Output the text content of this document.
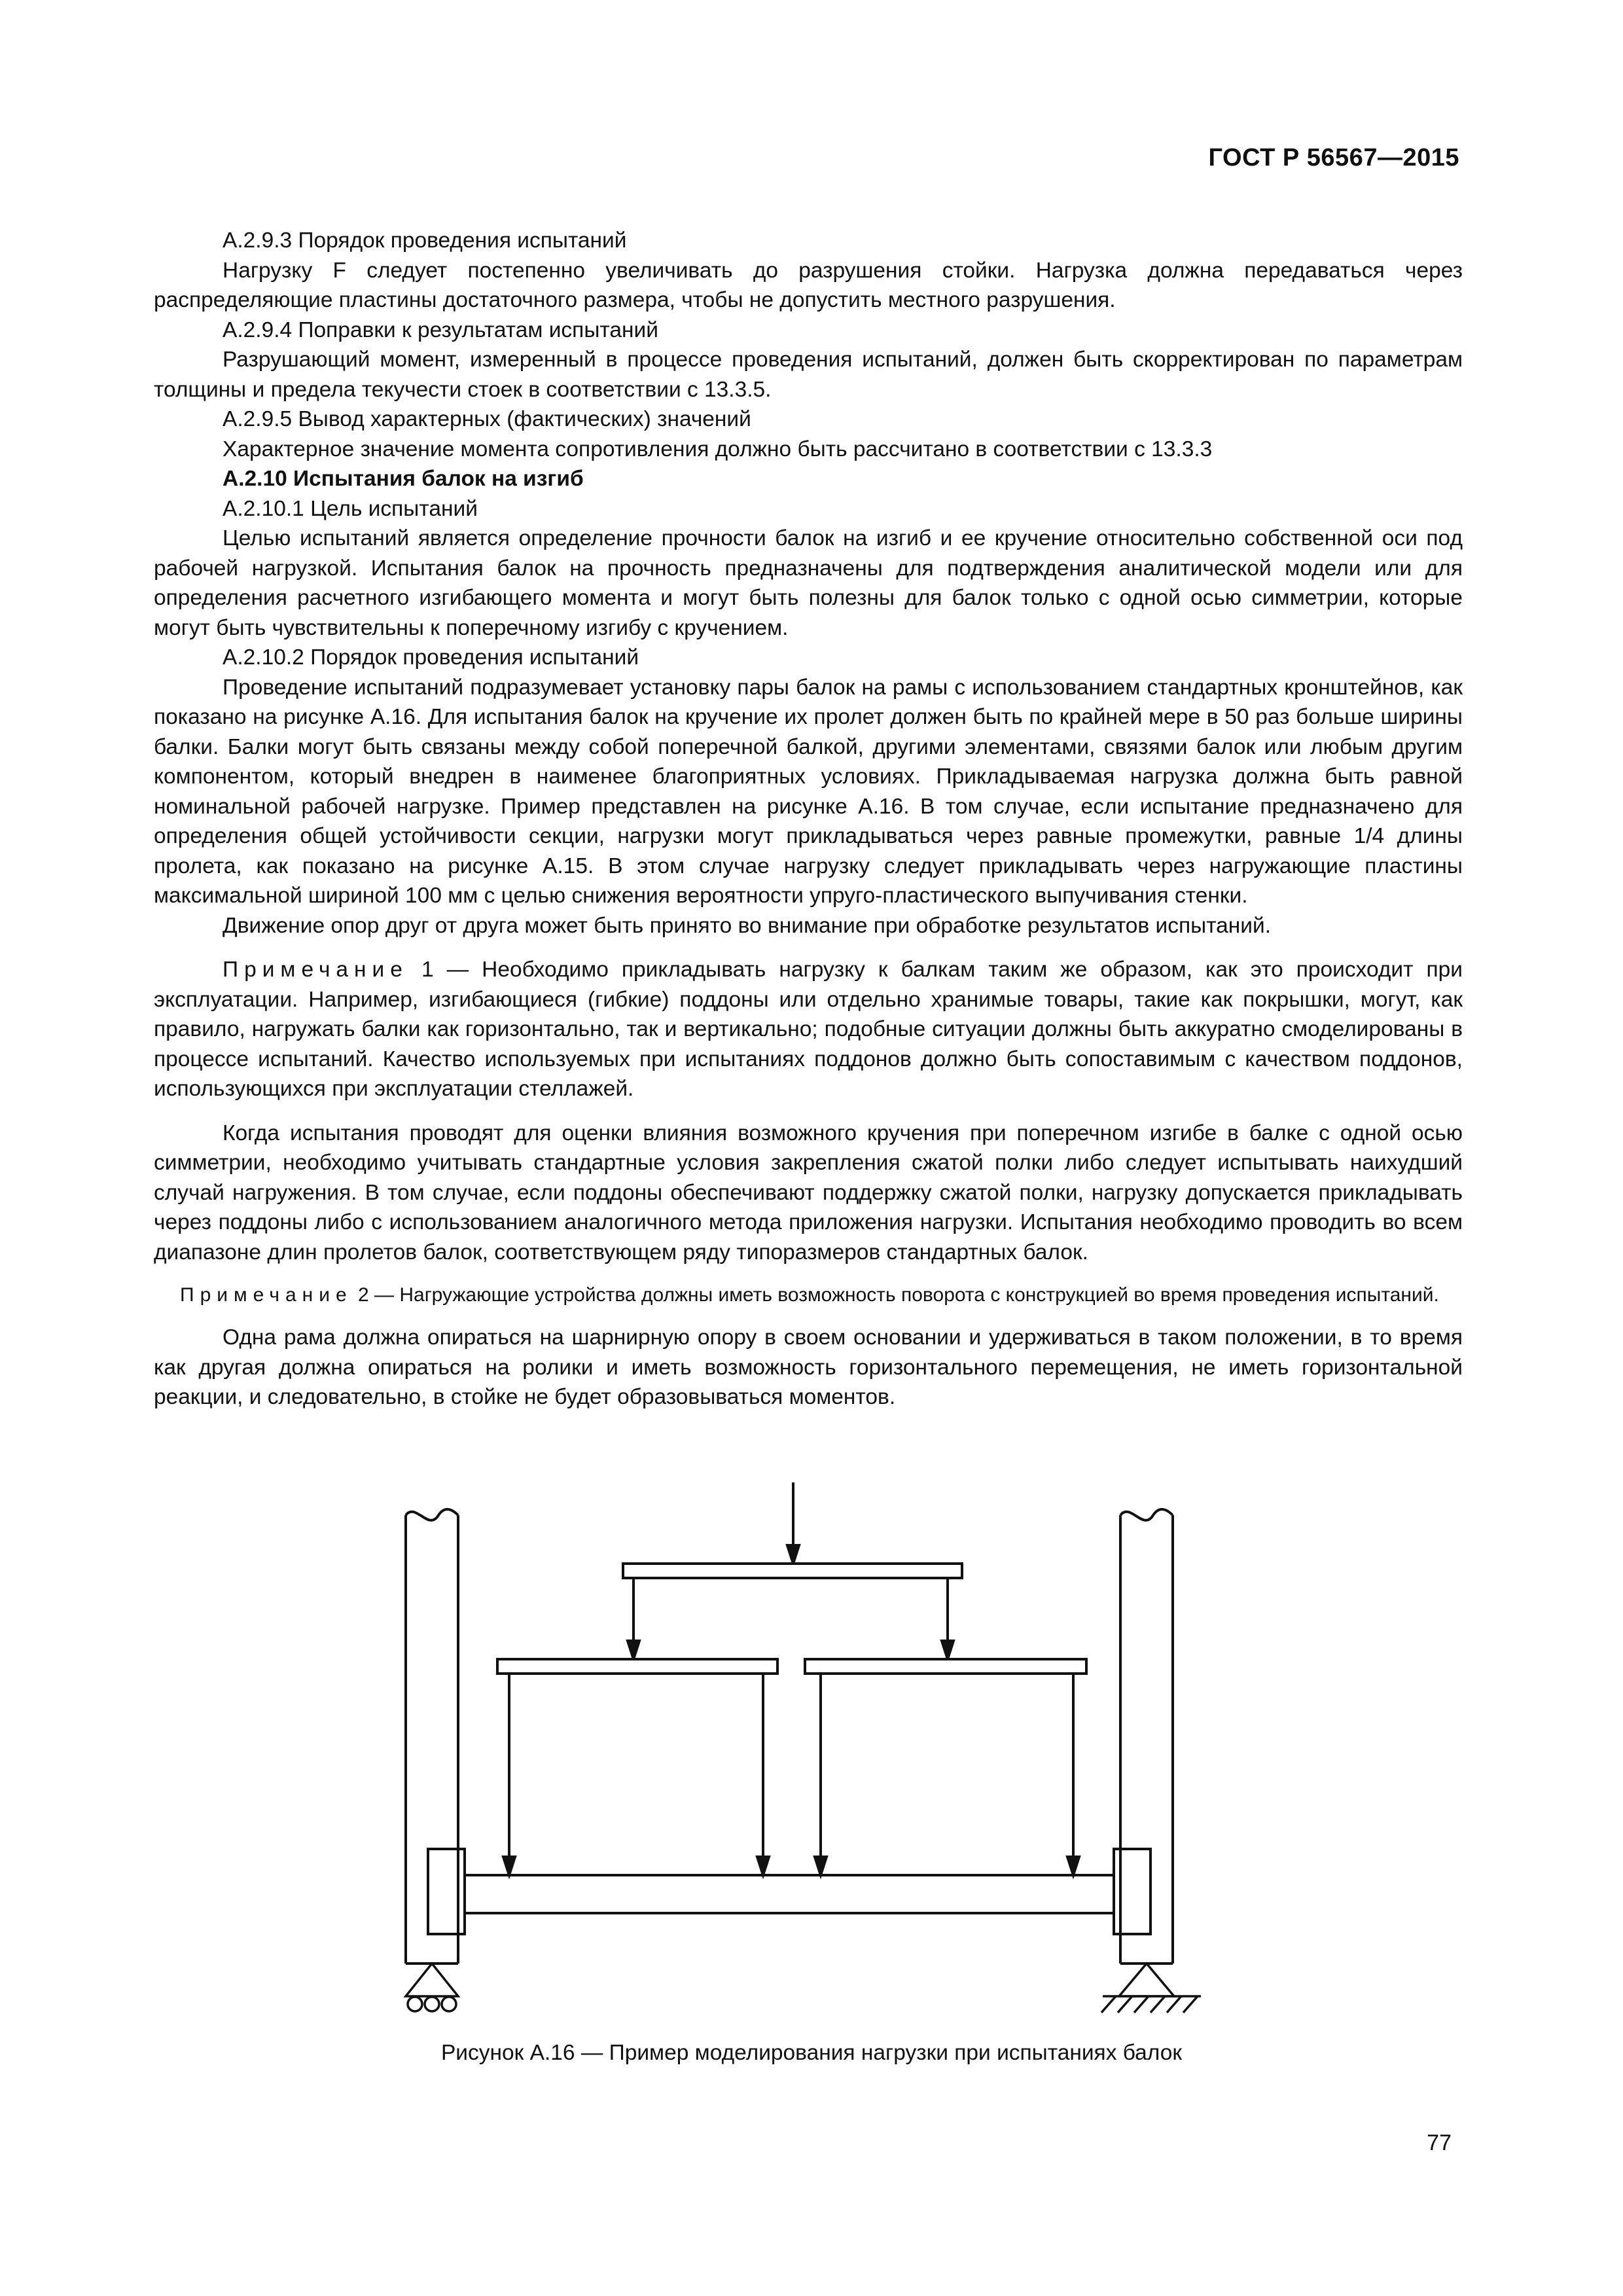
ГОСТ Р 56567—2015

А.2.9.3 Порядок проведения испытаний

Нагрузку F следует постепенно увеличивать до разрушения стойки. Нагрузка должна передаваться через распределяющие пластины достаточного размера, чтобы не допустить местного разрушения.

А.2.9.4 Поправки к результатам испытаний

Разрушающий момент, измеренный в процессе проведения испытаний, должен быть скорректирован по параметрам толщины и предела текучести стоек в соответствии с 13.3.5.

А.2.9.5 Вывод характерных (фактических) значений

Характерное значение момента сопротивления должно быть рассчитано в соответствии с 13.3.3

А.2.10 Испытания балок на изгиб

А.2.10.1 Цель испытаний

Целью испытаний является определение прочности балок на изгиб и ее кручение относительно собственной оси под рабочей нагрузкой. Испытания балок на прочность предназначены для подтверждения аналитической модели или для определения расчетного изгибающего момента и могут быть полезны для балок только с одной осью симметрии, которые могут быть чувствительны к поперечному изгибу с кручением.

А.2.10.2 Порядок проведения испытаний

Проведение испытаний подразумевает установку пары балок на рамы с использованием стандартных кронштейнов, как показано на рисунке А.16. Для испытания балок на кручение их пролет должен быть по крайней мере в 50 раз больше ширины балки. Балки могут быть связаны между собой поперечной балкой, другими элементами, связями балок или любым другим компонентом, который внедрен в наименее благоприятных условиях. Прикладываемая нагрузка должна быть равной номинальной рабочей нагрузке. Пример представлен на рисунке А.16. В том случае, если испытание предназначено для определения общей устойчивости секции, нагрузки могут прикладываться через равные промежутки, равные 1/4 длины пролета, как показано на рисунке А.15. В этом случае нагрузку следует прикладывать через нагружающие пластины максимальной шириной 100 мм с целью снижения вероятности упруго-пластического выпучивания стенки.

Движение опор друг от друга может быть принято во внимание при обработке результатов испытаний.

Примечание 1 — Необходимо прикладывать нагрузку к балкам таким же образом, как это происходит при эксплуатации. Например, изгибающиеся (гибкие) поддоны или отдельно хранимые товары, такие как покрышки, могут, как правило, нагружать балки как горизонтально, так и вертикально; подобные ситуации должны быть аккуратно смоделированы в процессе испытаний. Качество используемых при испытаниях поддонов должно быть сопоставимым с качеством поддонов, использующихся при эксплуатации стеллажей.

Когда испытания проводят для оценки влияния возможного кручения при поперечном изгибе в балке с одной осью симметрии, необходимо учитывать стандартные условия закрепления сжатой полки либо следует испытывать наихудший случай нагружения. В том случае, если поддоны обеспечивают поддержку сжатой полки, нагрузку допускается прикладывать через поддоны либо с использованием аналогичного метода приложения нагрузки. Испытания необходимо проводить во всем диапазоне длин пролетов балок, соответствующем ряду типоразмеров стандартных балок.

Примечание 2 — Нагружающие устройства должны иметь возможность поворота с конструкцией во время проведения испытаний.

Одна рама должна опираться на шарнирную опору в своем основании и удерживаться в таком положении, в то время как другая должна опираться на ролики и иметь возможность горизонтального перемещения, не иметь горизонтальной реакции, и следовательно, в стойке не будет образовываться моментов.

Рисунок А.16 — Пример моделирования нагрузки при испытаниях балок
77
